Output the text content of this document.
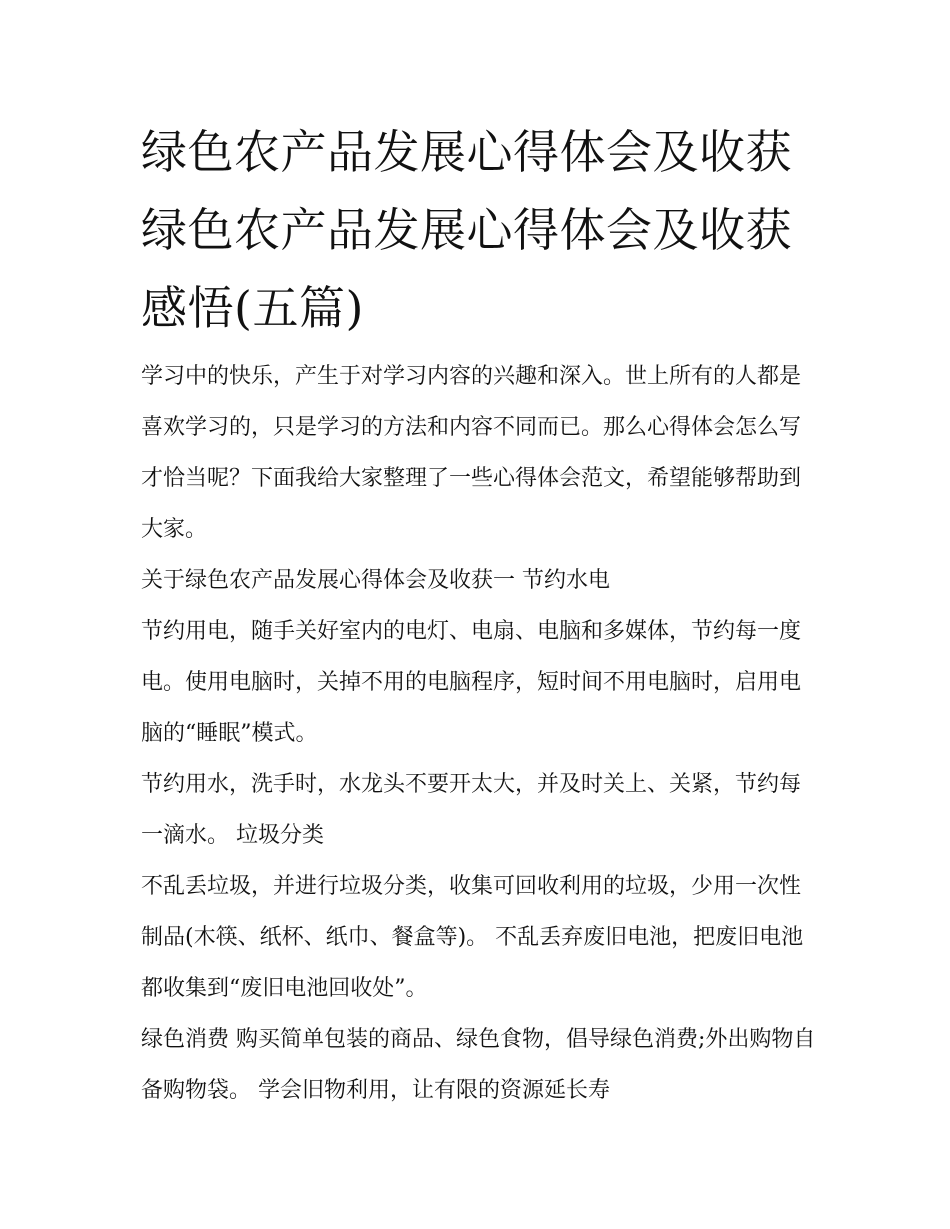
绿色农产品发展心得体会及收获 绿色农产品发展心得体会及收获感悟(五篇)

学习中的快乐，产生于对学习内容的兴趣和深入。世上所有的人都是喜欢学习的，只是学习的方法和内容不同而已。那么心得体会怎么写才恰当呢？下面我给大家整理了一些心得体会范文，希望能够帮助到大家。

关于绿色农产品发展心得体会及收获一 节约水电

节约用电，随手关好室内的电灯、电扇、电脑和多媒体，节约每一度电。使用电脑时，关掉不用的电脑程序，短时间不用电脑时，启用电脑的“睡眠”模式。

节约用水，洗手时，水龙头不要开太大，并及时关上、关紧，节约每一滴水。 垃圾分类

不乱丢垃圾，并进行垃圾分类，收集可回收利用的垃圾，少用一次性制品(木筷、纸杯、纸巾、餐盒等)。 不乱丢弃废旧电池，把废旧电池都收集到“废旧电池回收处”。

绿色消费 购买简单包装的商品、绿色食物，倡导绿色消费;外出购物自备购物袋。 学会旧物利用，让有限的资源延长寿
